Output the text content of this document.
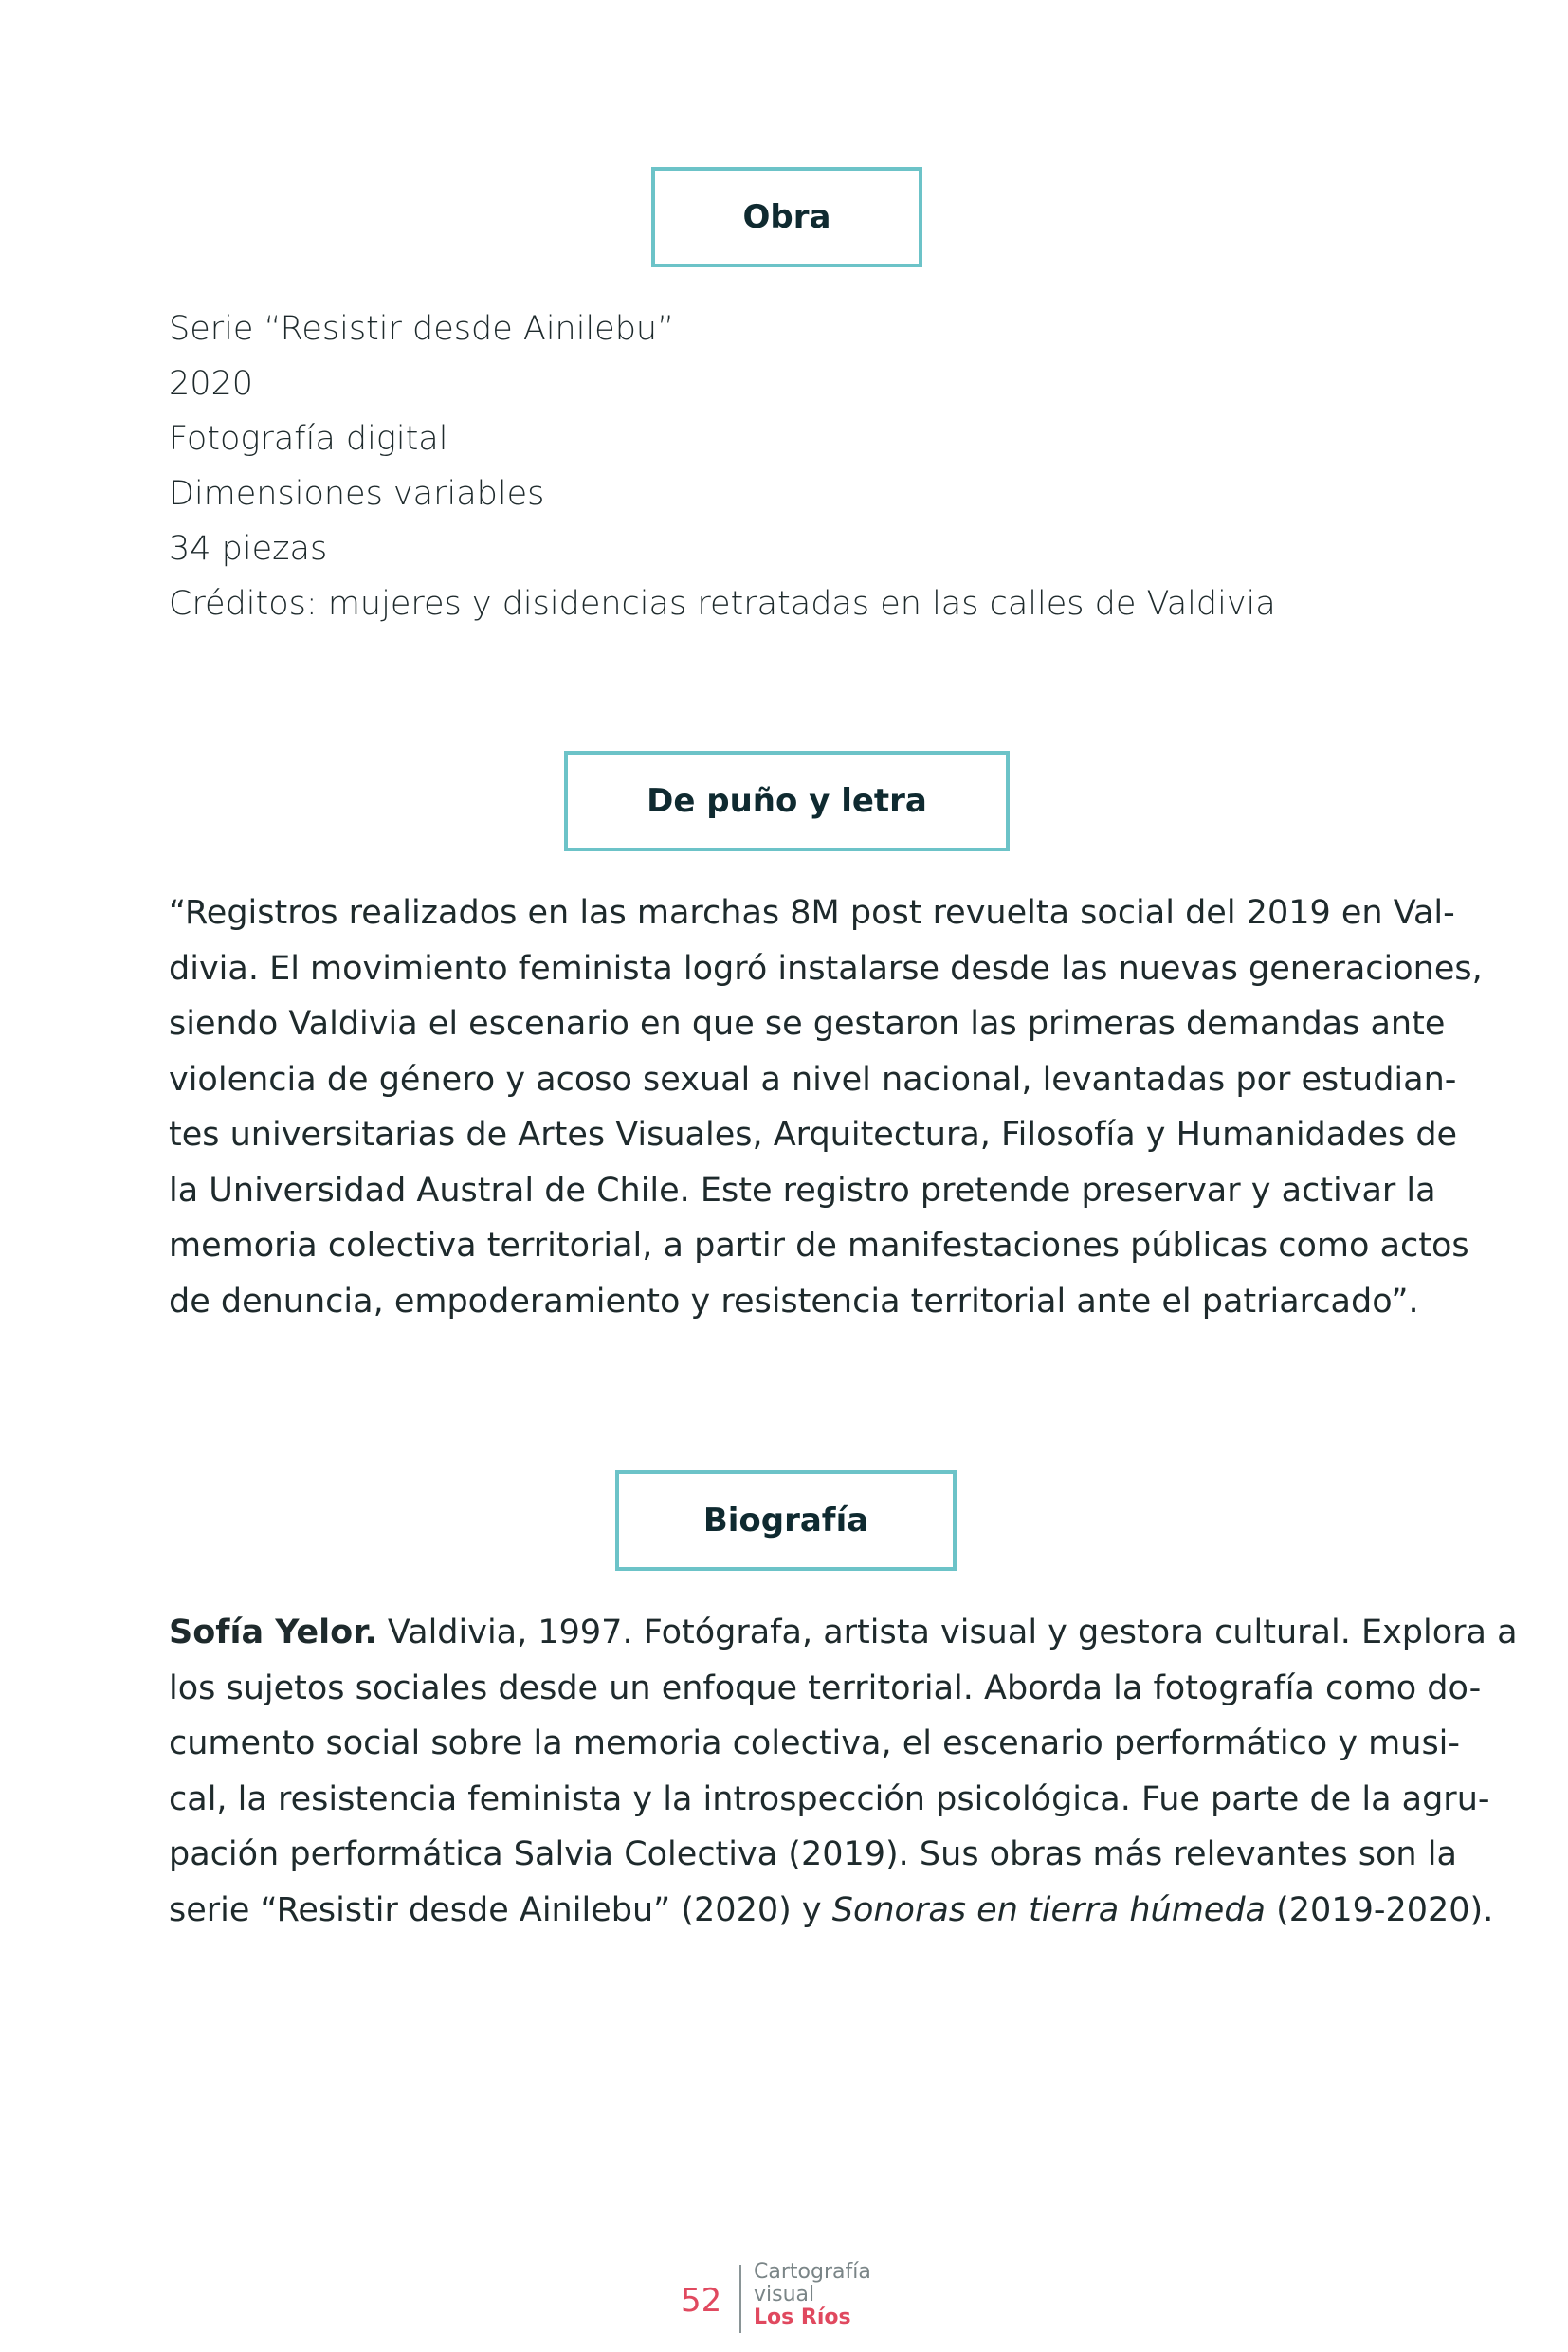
Obra
Serie “Resistir desde Ainilebu”
2020
Fotografía digital
Dimensiones variables
34 piezas
Créditos: mujeres y disidencias retratadas en las calles de Valdivia
De puño y letra
“Registros realizados en las marchas 8M post revuelta social del 2019 en Val-
divia. El movimiento feminista logró instalarse desde las nuevas generaciones,
siendo Valdivia el escenario en que se gestaron las primeras demandas ante
violencia de género y acoso sexual a nivel nacional, levantadas por estudian-
tes universitarias de Artes Visuales, Arquitectura, Filosofía y Humanidades de
la Universidad Austral de Chile. Este registro pretende preservar y activar la
memoria colectiva territorial, a partir de manifestaciones públicas como actos
de denuncia, empoderamiento y resistencia territorial ante el patriarcado”.
Biografía
Sofía Yelor. Valdivia, 1997. Fotógrafa, artista visual y gestora cultural. Explora a
los sujetos sociales desde un enfoque territorial. Aborda la fotografía como do-
cumento social sobre la memoria colectiva, el escenario performático y musi-
cal, la resistencia feminista y la introspección psicológica. Fue parte de la agru-
pación performática Salvia Colectiva (2019). Sus obras más relevantes son la
serie “Resistir desde Ainilebu” (2020) y Sonoras en tierra húmeda (2019-2020).
52
Cartografía
visual
Los Ríos
